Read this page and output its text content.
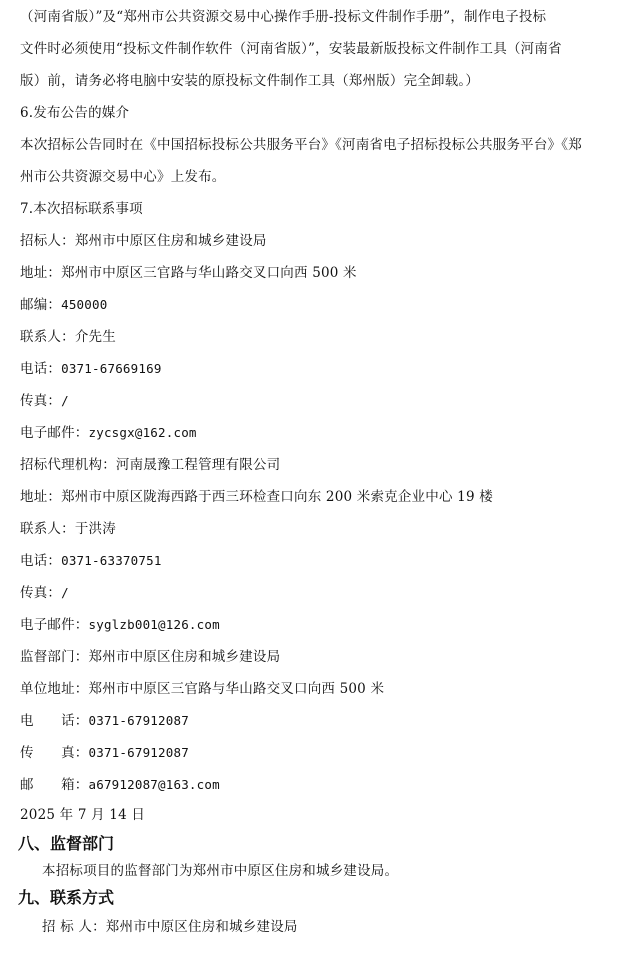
（河南省版）”及“郑州市公共资源交易中心操作手册-投标文件制作手册”，制作电子投标
文件时必须使用“投标文件制作软件（河南省版）”，安装最新版投标文件制作工具（河南省
版）前，请务必将电脑中安装的原投标文件制作工具（郑州版）完全卸载。）
6.发布公告的媒介
本次招标公告同时在《中国招标投标公共服务平台》《河南省电子招标投标公共服务平台》《郑
州市公共资源交易中心》上发布。
7.本次招标联系事项
招标人：郑州市中原区住房和城乡建设局
地址：郑州市中原区三官路与华山路交叉口向西 500 米
邮编：450000
联系人：介先生
电话：0371-67669169
传真：/
电子邮件：zycsgx@162.com
招标代理机构：河南晟豫工程管理有限公司
地址：郑州市中原区陇海西路于西三环检查口向东 200 米索克企业中心 19 楼
联系人：于洪涛
电话：0371-63370751
传真：/
电子邮件：syglzb001@126.com
监督部门：郑州市中原区住房和城乡建设局
单位地址：郑州市中原区三官路与华山路交叉口向西 500 米
电　　话：0371-67912087
传　　真：0371-67912087
邮　　箱：a67912087@163.com
2025 年 7 月 14 日
八、监督部门
本招标项目的监督部门为郑州市中原区住房和城乡建设局。
九、联系方式
招 标 人：郑州市中原区住房和城乡建设局
